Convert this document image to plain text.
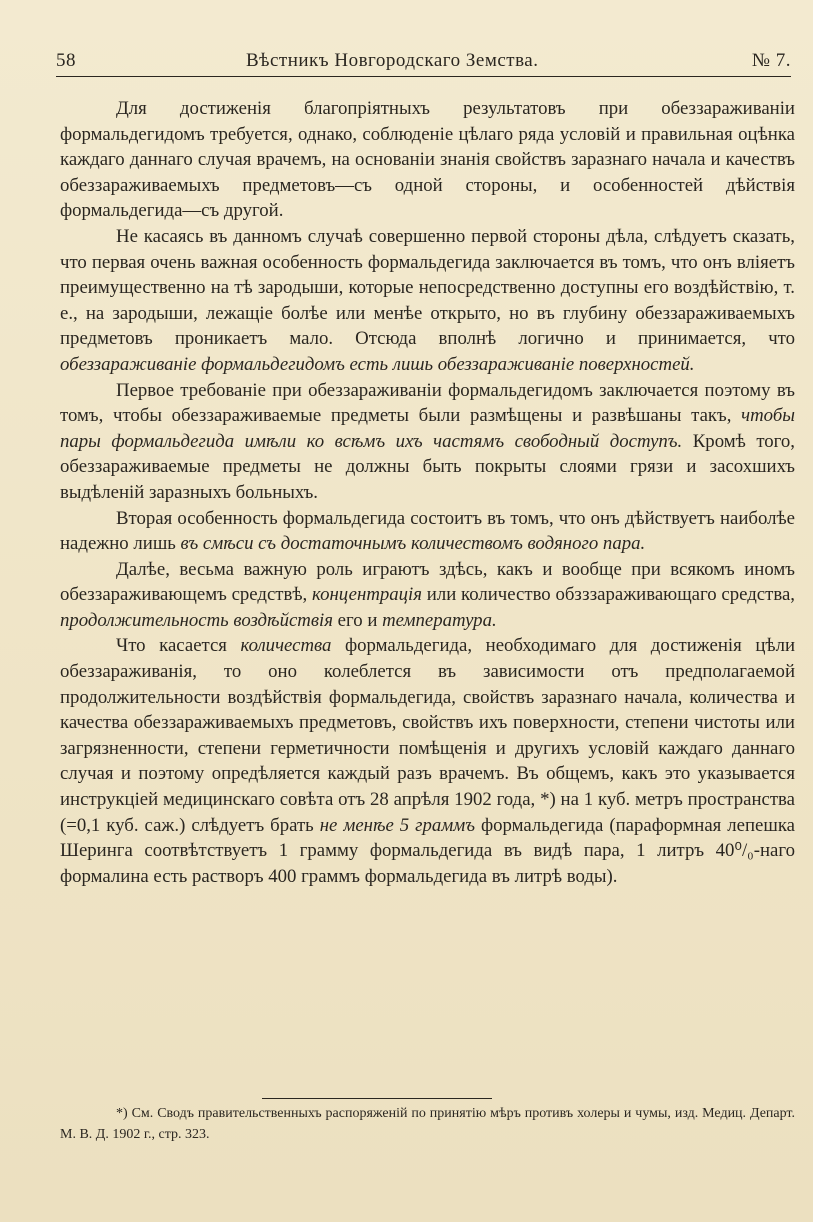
58	Вѣстникъ Новгородскаго Земства.	№ 7.

Для достиженія благопріятныхъ результатовъ при обеззараживаніи формальдегидомъ требуется, однако, соблюденіе цѣлаго ряда условій и правильная оцѣнка каждаго даннаго случая врачемъ, на основаніи знанія свойствъ заразнаго начала и качествъ обеззараживаемыхъ предметовъ—съ одной стороны, и особенностей дѣйствія формальдегида—съ другой.

Не касаясь въ данномъ случаѣ совершенно первой стороны дѣла, слѣдуетъ сказать, что первая очень важная особенность формальдегида заключается въ томъ, что онъ вліяетъ преимущественно на тѣ зародыши, которые непосредственно доступны его воздѣйствію, т. е., на зародыши, лежащіе болѣе или менѣе открыто, но въ глубину обеззараживаемыхъ предметовъ проникаетъ мало. Отсюда вполнѣ логично и принимается, что обеззараживаніе формальдегидомъ есть лишь обеззараживаніе поверхностей.

Первое требованіе при обеззараживаніи формальдегидомъ заключается поэтому въ томъ, чтобы обеззараживаемые предметы были размѣщены и развѣшаны такъ, чтобы пары формальдегида имѣли ко всѣмъ ихъ частямъ свободный доступъ. Кромѣ того, обеззараживаемые предметы не должны быть покрыты слоями грязи и засохшихъ выдѣленій заразныхъ больныхъ.

Вторая особенность формальдегида состоитъ въ томъ, что онъ дѣйствуетъ наиболѣе надежно лишь въ смѣси съ достаточнымъ количествомъ водяного пара.

Далѣе, весьма важную роль играютъ здѣсь, какъ и вообще при всякомъ иномъ обеззараживающемъ средствѣ, концентрація или количество обзззараживающаго средства, продолжительность воздѣйствія его и температура.

Что касается количества формальдегида, необходимаго для достиженія цѣли обеззараживанія, то оно колеблется въ зависимости отъ предполагаемой продолжительности воздѣйствія формальдегида, свойствъ заразнаго начала, количества и качества обеззараживаемыхъ предметовъ, свойствъ ихъ поверхности, степени чистоты или загрязненности, степени герметичности помѣщенія и другихъ условій каждаго даннаго случая и поэтому опредѣляется каждый разъ врачемъ. Въ общемъ, какъ это указывается инструкціей медицинскаго совѣта отъ 28 апрѣля 1902 года, *) на 1 куб. метръ пространства (=0,1 куб. саж.) слѣдуетъ брать не менѣе 5 граммъ формальдегида (параформная лепешка Шеринга соотвѣтствуетъ 1 грамму формальдегида въ видѣ пара, 1 литръ 40⁰/₀-наго формалина есть растворъ 400 граммъ формальдегида въ литрѣ воды).

*) См. Сводъ правительственныхъ распоряженій по принятію мѣръ противъ холеры и чумы, изд. Медиц. Департ. М. В. Д. 1902 г., стр. 323.
